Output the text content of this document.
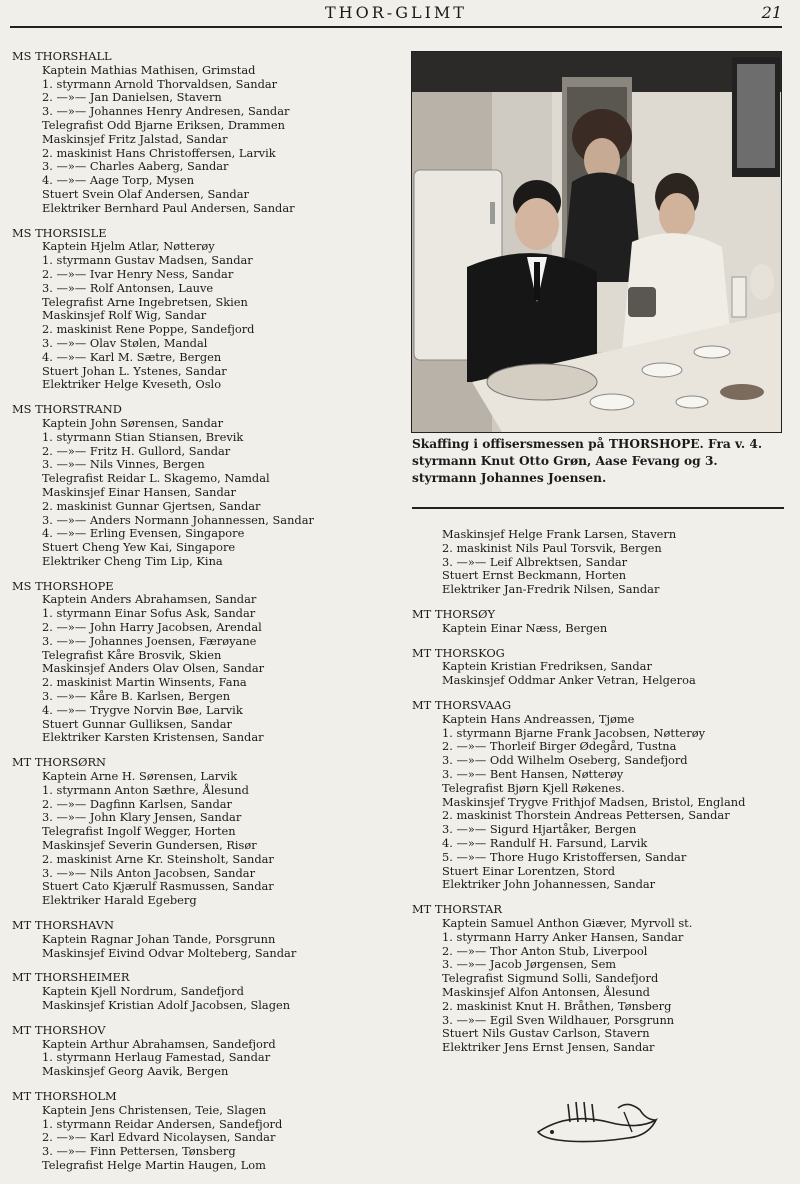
THOR-GLIMT	21
MS THORSHALL
Kaptein Mathias Mathisen, Grimstad
1. styrmann Arnold Thorvaldsen, Sandar
2. —»— Jan Danielsen, Stavern
3. —»— Johannes Henry Andresen, Sandar
Telegrafist Odd Bjarne Eriksen, Drammen
Maskinsjef Fritz Jalstad, Sandar
2. maskinist Hans Christoffersen, Larvik
3. —»— Charles Aaberg, Sandar
4. —»— Aage Torp, Mysen
Stuert Svein Olaf Andersen, Sandar
Elektriker Bernhard Paul Andersen, Sandar
MS THORSISLE
Kaptein Hjelm Atlar, Nøtterøy
1. styrmann Gustav Madsen, Sandar
2. —»— Ivar Henry Ness, Sandar
3. —»— Rolf Antonsen, Lauve
Telegrafist Arne Ingebretsen, Skien
Maskinsjef Rolf Wig, Sandar
2. maskinist Rene Poppe, Sandefjord
3. —»— Olav Stølen, Mandal
4. —»— Karl M. Sætre, Bergen
Stuert Johan L. Ystenes, Sandar
Elektriker Helge Kveseth, Oslo
MS THORSTRAND
Kaptein John Sørensen, Sandar
1. styrmann Stian Stiansen, Brevik
2. —»— Fritz H. Gullord, Sandar
3. —»— Nils Vinnes, Bergen
Telegrafist Reidar L. Skagemo, Namdal
Maskinsjef Einar Hansen, Sandar
2. maskinist Gunnar Gjertsen, Sandar
3. —»— Anders Normann Johannessen, Sandar
4. —»— Erling Evensen, Singapore
Stuert Cheng Yew Kai, Singapore
Elektriker Cheng Tim Lip, Kina
MS THORSHOPE
Kaptein Anders Abrahamsen, Sandar
1. styrmann Einar Sofus Ask, Sandar
2. —»— John Harry Jacobsen, Arendal
3. —»— Johannes Joensen, Færøyane
Telegrafist Kåre Brosvik, Skien
Maskinsjef Anders Olav Olsen, Sandar
2. maskinist Martin Winsents, Fana
3. —»— Kåre B. Karlsen, Bergen
4. —»— Trygve Norvin Bøe, Larvik
Stuert Gunnar Gulliksen, Sandar
Elektriker Karsten Kristensen, Sandar
MT THORSØRN
Kaptein Arne H. Sørensen, Larvik
1. styrmann Anton Sæthre, Ålesund
2. —»— Dagfinn Karlsen, Sandar
3. —»— John Klary Jensen, Sandar
Telegrafist Ingolf Wegger, Horten
Maskinsjef Severin Gundersen, Risør
2. maskinist Arne Kr. Steinsholt, Sandar
3. —»— Nils Anton Jacobsen, Sandar
Stuert Cato Kjærulf Rasmussen, Sandar
Elektriker Harald Egeberg
MT THORSHAVN
Kaptein Ragnar Johan Tande, Porsgrunn
Maskinsjef Eivind Odvar Molteberg, Sandar
MT THORSHEIMER
Kaptein Kjell Nordrum, Sandefjord
Maskinsjef Kristian Adolf Jacobsen, Slagen
MT THORSHOV
Kaptein Arthur Abrahamsen, Sandefjord
1. styrmann Herlaug Famestad, Sandar
Maskinsjef Georg Aavik, Bergen
MT THORSHOLM
Kaptein Jens Christensen, Teie, Slagen
1. styrmann Reidar Andersen, Sandefjord
2. —»— Karl Edvard Nicolaysen, Sandar
3. —»— Finn Pettersen, Tønsberg
Telegrafist Helge Martin Haugen, Lom
Skaffing i offisersmessen på THORSHOPE. Fra v. 4. styrmann Knut Otto Grøn, Aase Fevang og 3. styrmann Johannes Joensen.
Maskinsjef Helge Frank Larsen, Stavern
2. maskinist Nils Paul Torsvik, Bergen
3. —»— Leif Albrektsen, Sandar
Stuert Ernst Beckmann, Horten
Elektriker Jan-Fredrik Nilsen, Sandar
MT THORSØY
Kaptein Einar Næss, Bergen
MT THORSKOG
Kaptein Kristian Fredriksen, Sandar
Maskinsjef Oddmar Anker Vetran, Helgeroa
MT THORSVAAG
Kaptein Hans Andreassen, Tjøme
1. styrmann Bjarne Frank Jacobsen, Nøtterøy
2. —»— Thorleif Birger Ødegård, Tustna
3. —»— Odd Wilhelm Oseberg, Sandefjord
3. —»— Bent Hansen, Nøtterøy
Telegrafist Bjørn Kjell Røkenes.
Maskinsjef Trygve Frithjof Madsen, Bristol, England
2. maskinist Thorstein Andreas Pettersen, Sandar
3. —»— Sigurd Hjartåker, Bergen
4. —»— Randulf H. Farsund, Larvik
5. —»— Thore Hugo Kristoffersen, Sandar
Stuert Einar Lorentzen, Stord
Elektriker John Johannessen, Sandar
MT THORSTAR
Kaptein Samuel Anthon Giæver, Myrvoll st.
1. styrmann Harry Anker Hansen, Sandar
2. —»— Thor Anton Stub, Liverpool
3. —»— Jacob Jørgensen, Sem
Telegrafist Sigmund Solli, Sandefjord
Maskinsjef Alfon Antonsen, Ålesund
2. maskinist Knut H. Bråthen, Tønsberg
3. —»— Egil Sven Wildhauer, Porsgrunn
Stuert Nils Gustav Carlson, Stavern
Elektriker Jens Ernst Jensen, Sandar
